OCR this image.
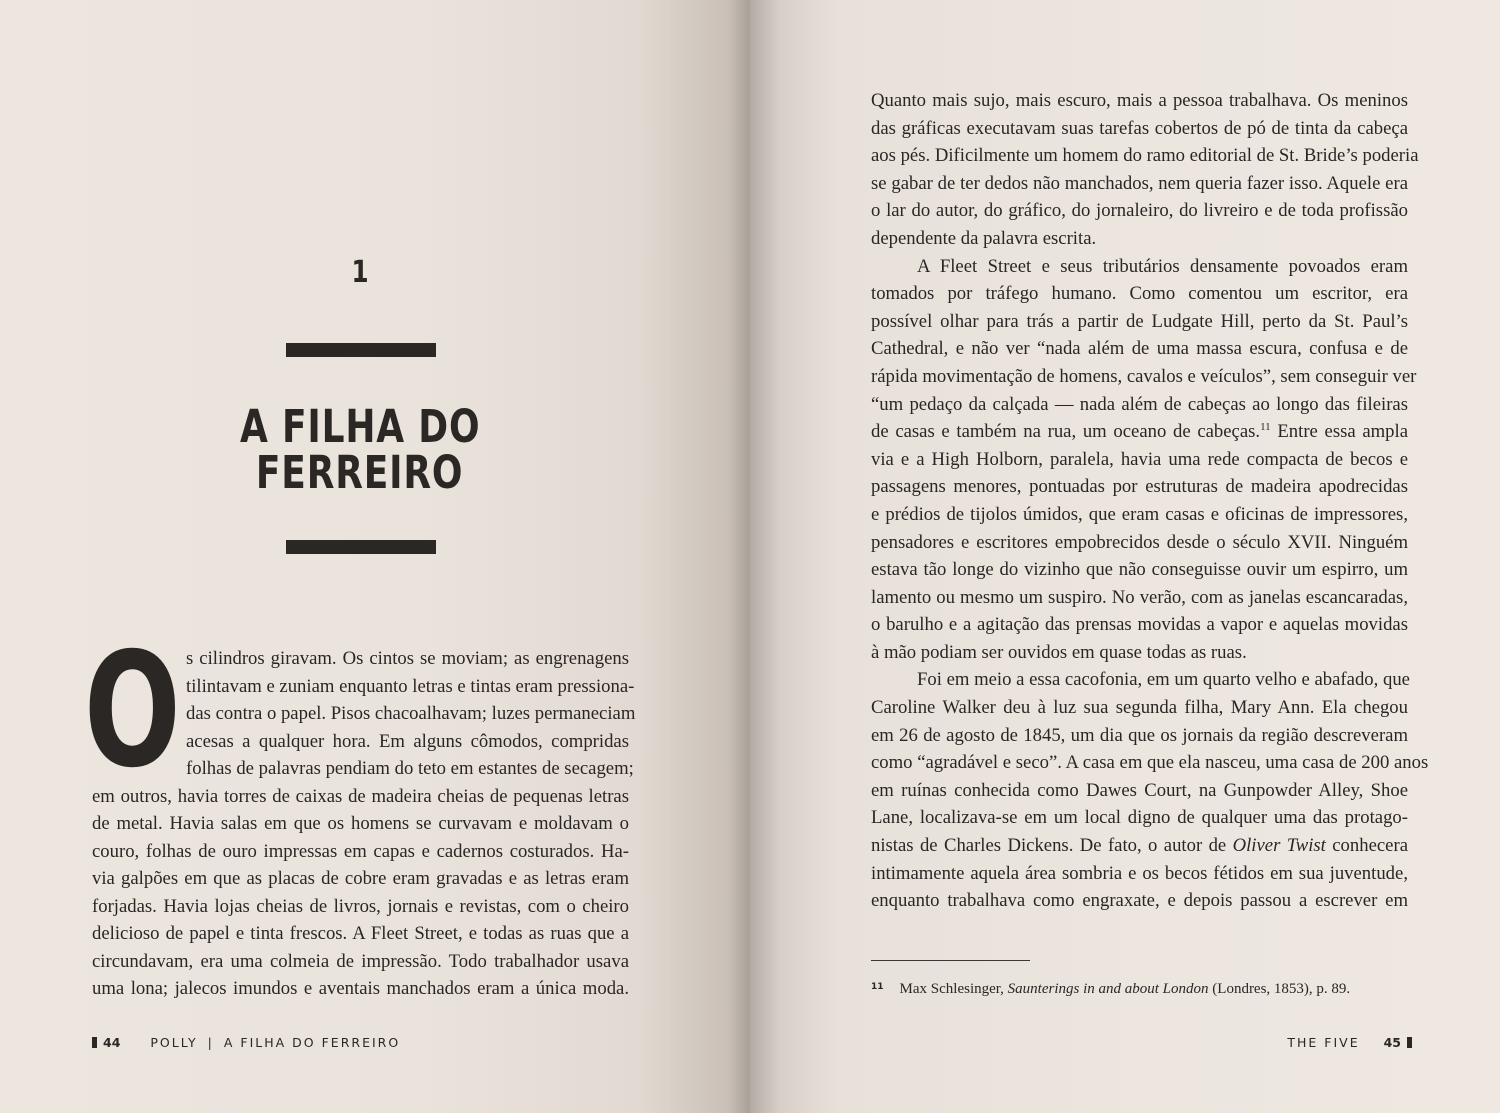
1
A FILHA DO
FERREIRO
O s cilindros giravam. Os cintos se moviam; as engrenagens
tilintavam e zuniam enquanto letras e tintas eram pressiona-
das contra o papel. Pisos chacoalhavam; luzes permaneciam
acesas a qualquer hora. Em alguns cômodos, compridas
folhas de palavras pendiam do teto em estantes de secagem;
em outros, havia torres de caixas de madeira cheias de pequenas letras
de metal. Havia salas em que os homens se curvavam e moldavam o
couro, folhas de ouro impressas em capas e cadernos costurados. Ha-
via galpões em que as placas de cobre eram gravadas e as letras eram
forjadas. Havia lojas cheias de livros, jornais e revistas, com o cheiro
delicioso de papel e tinta frescos. A Fleet Street, e todas as ruas que a
circundavam, era uma colmeia de impressão. Todo trabalhador usava
uma lona; jalecos imundos e aventais manchados eram a única moda.
44 POLLY | A FILHA DO FERREIRO
Quanto mais sujo, mais escuro, mais a pessoa trabalhava. Os meninos
das gráficas executavam suas tarefas cobertos de pó de tinta da cabeça
aos pés. Dificilmente um homem do ramo editorial de St. Bride’s poderia
se gabar de ter dedos não manchados, nem queria fazer isso. Aquele era
o lar do autor, do gráfico, do jornaleiro, do livreiro e de toda profissão
dependente da palavra escrita.
A Fleet Street e seus tributários densamente povoados eram
tomados por tráfego humano. Como comentou um escritor, era
possível olhar para trás a partir de Ludgate Hill, perto da St. Paul’s
Cathedral, e não ver “nada além de uma massa escura, confusa e de
rápida movimentação de homens, cavalos e veículos”, sem conseguir ver
“um pedaço da calçada — nada além de cabeças ao longo das fileiras
de casas e também na rua, um oceano de cabeças.$^{11}$ Entre essa ampla
via e a High Holborn, paralela, havia uma rede compacta de becos e
passagens menores, pontuadas por estruturas de madeira apodrecidas
e prédios de tijolos úmidos, que eram casas e oficinas de impressores,
pensadores e escritores empobrecidos desde o século XVII. Ninguém
estava tão longe do vizinho que não conseguisse ouvir um espirro, um
lamento ou mesmo um suspiro. No verão, com as janelas escancaradas,
o barulho e a agitação das prensas movidas a vapor e aquelas movidas
à mão podiam ser ouvidos em quase todas as ruas.
Foi em meio a essa cacofonia, em um quarto velho e abafado, que
Caroline Walker deu à luz sua segunda filha, Mary Ann. Ela chegou
em 26 de agosto de 1845, um dia que os jornais da região descreveram
como “agradável e seco”. A casa em que ela nasceu, uma casa de 200 anos
em ruínas conhecida como Dawes Court, na Gunpowder Alley, Shoe
Lane, localizava-se em um local digno de qualquer uma das protago-
nistas de Charles Dickens. De fato, o autor de Oliver Twist conhecera
intimamente aquela área sombria e os becos fétidos em sua juventude,
enquanto trabalhava como engraxate, e depois passou a escrever em
$^{11}$ Max Schlesinger, Saunterings in and about London (Londres, 1853), p. 89.
THE FIVE 45
